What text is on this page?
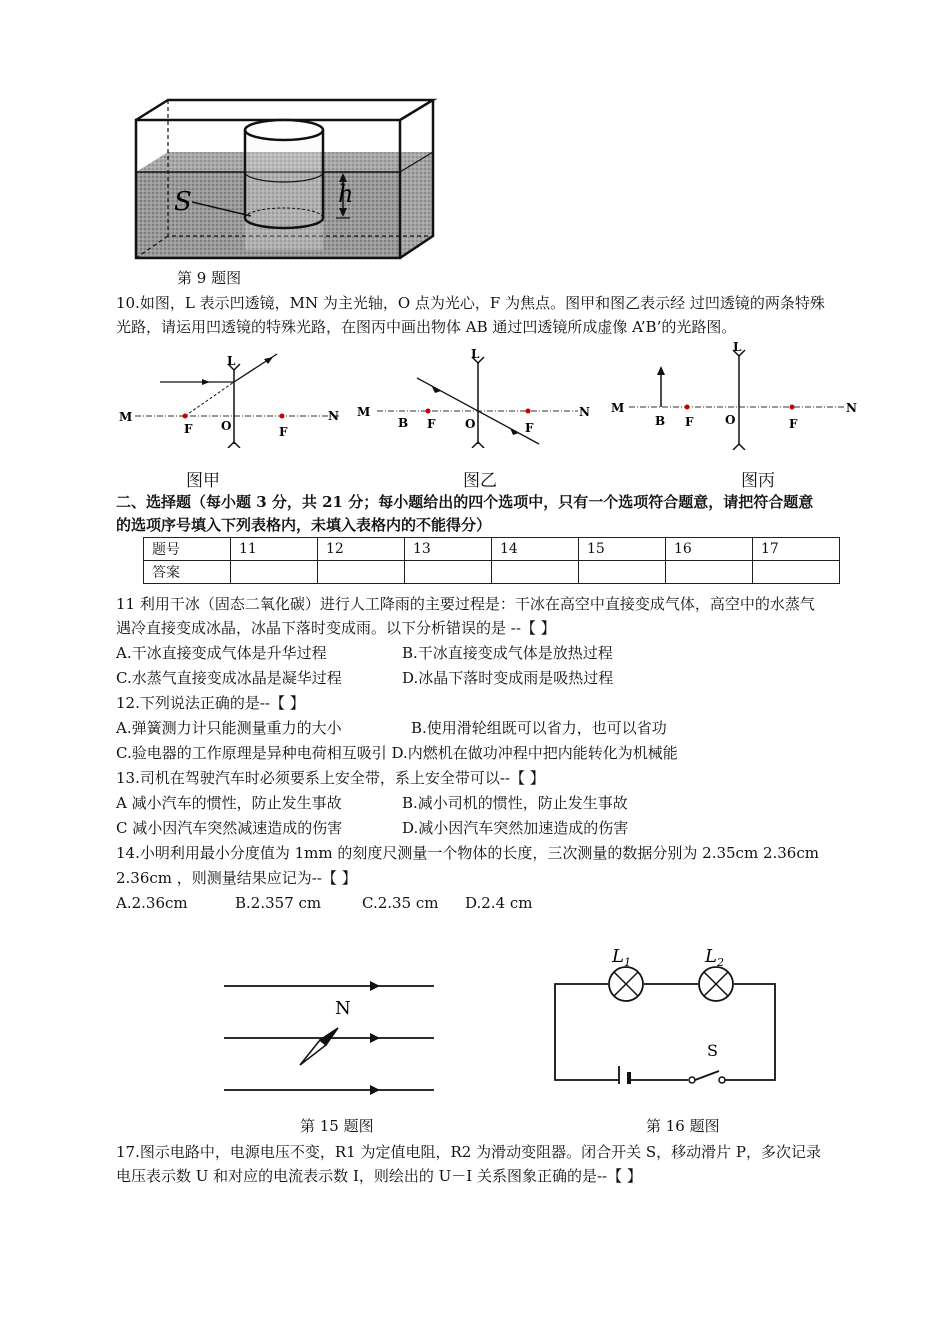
S	h
第 9 题图
10.如图，L 表示凹透镜，MN 为主光轴，O 点为光心，F 为焦点。图甲和图乙表示经 过凹透镜的两条特殊
光路，请运用凹透镜的特殊光路，在图丙中画出物体 AB 通过凹透镜所成虚像 A’B’的光路图。
L
M	N
F O	F
图甲
L
M	N
B F O	F
图乙
L
M	N
B F	O	F
图丙
二、选择题（每小题 3 分，共 21 分；每小题给出的四个选项中，只有一个选项符合题意，请把符合题意
的选项序号填入下列表格内，未填入表格内的不能得分）
题号	11	12	13	14	15	16	17
答案							
11 利用干冰（固态二氧化碳）进行人工降雨的主要过程是：干冰在高空中直接变成气体，高空中的水蒸气
遇冷直接变成冰晶，冰晶下落时变成雨。以下分析错误的是 --【 】
A.干冰直接变成气体是升华过程	B.干冰直接变成气体是放热过程
C.水蒸气直接变成冰晶是凝华过程	D.冰晶下落时变成雨是吸热过程
12.下列说法正确的是--【 】
A.弹簧测力计只能测量重力的大小	B.使用滑轮组既可以省力，也可以省功
C.验电器的工作原理是异种电荷相互吸引 D.内燃机在做功冲程中把内能转化为机械能
13.司机在驾驶汽车时必须要系上安全带，系上安全带可以--【 】
A 减小汽车的惯性，防止发生事故	B.减小司机的惯性，防止发生事故
C 减小因汽车突然减速造成的伤害	D.减小因汽车突然加速造成的伤害
14.小明利用最小分度值为 1mm 的刻度尺测量一个物体的长度，三次测量的数据分别为 2.35cm 2.36cm
2.36cm ，则测量结果应记为--【 】
A.2.36cm	B.2.357 cm	C.2.35 cm D.2.4 cm
N
第 15 题图
$L_1$	$L_2$
S
第 16 题图
17.图示电路中，电源电压不变，R1 为定值电阻，R2 为滑动变阻器。闭合开关 S，移动滑片 P，多次记录
电压表示数 U 和对应的电流表示数 I，则绘出的 U－I 关系图象正确的是--【 】
